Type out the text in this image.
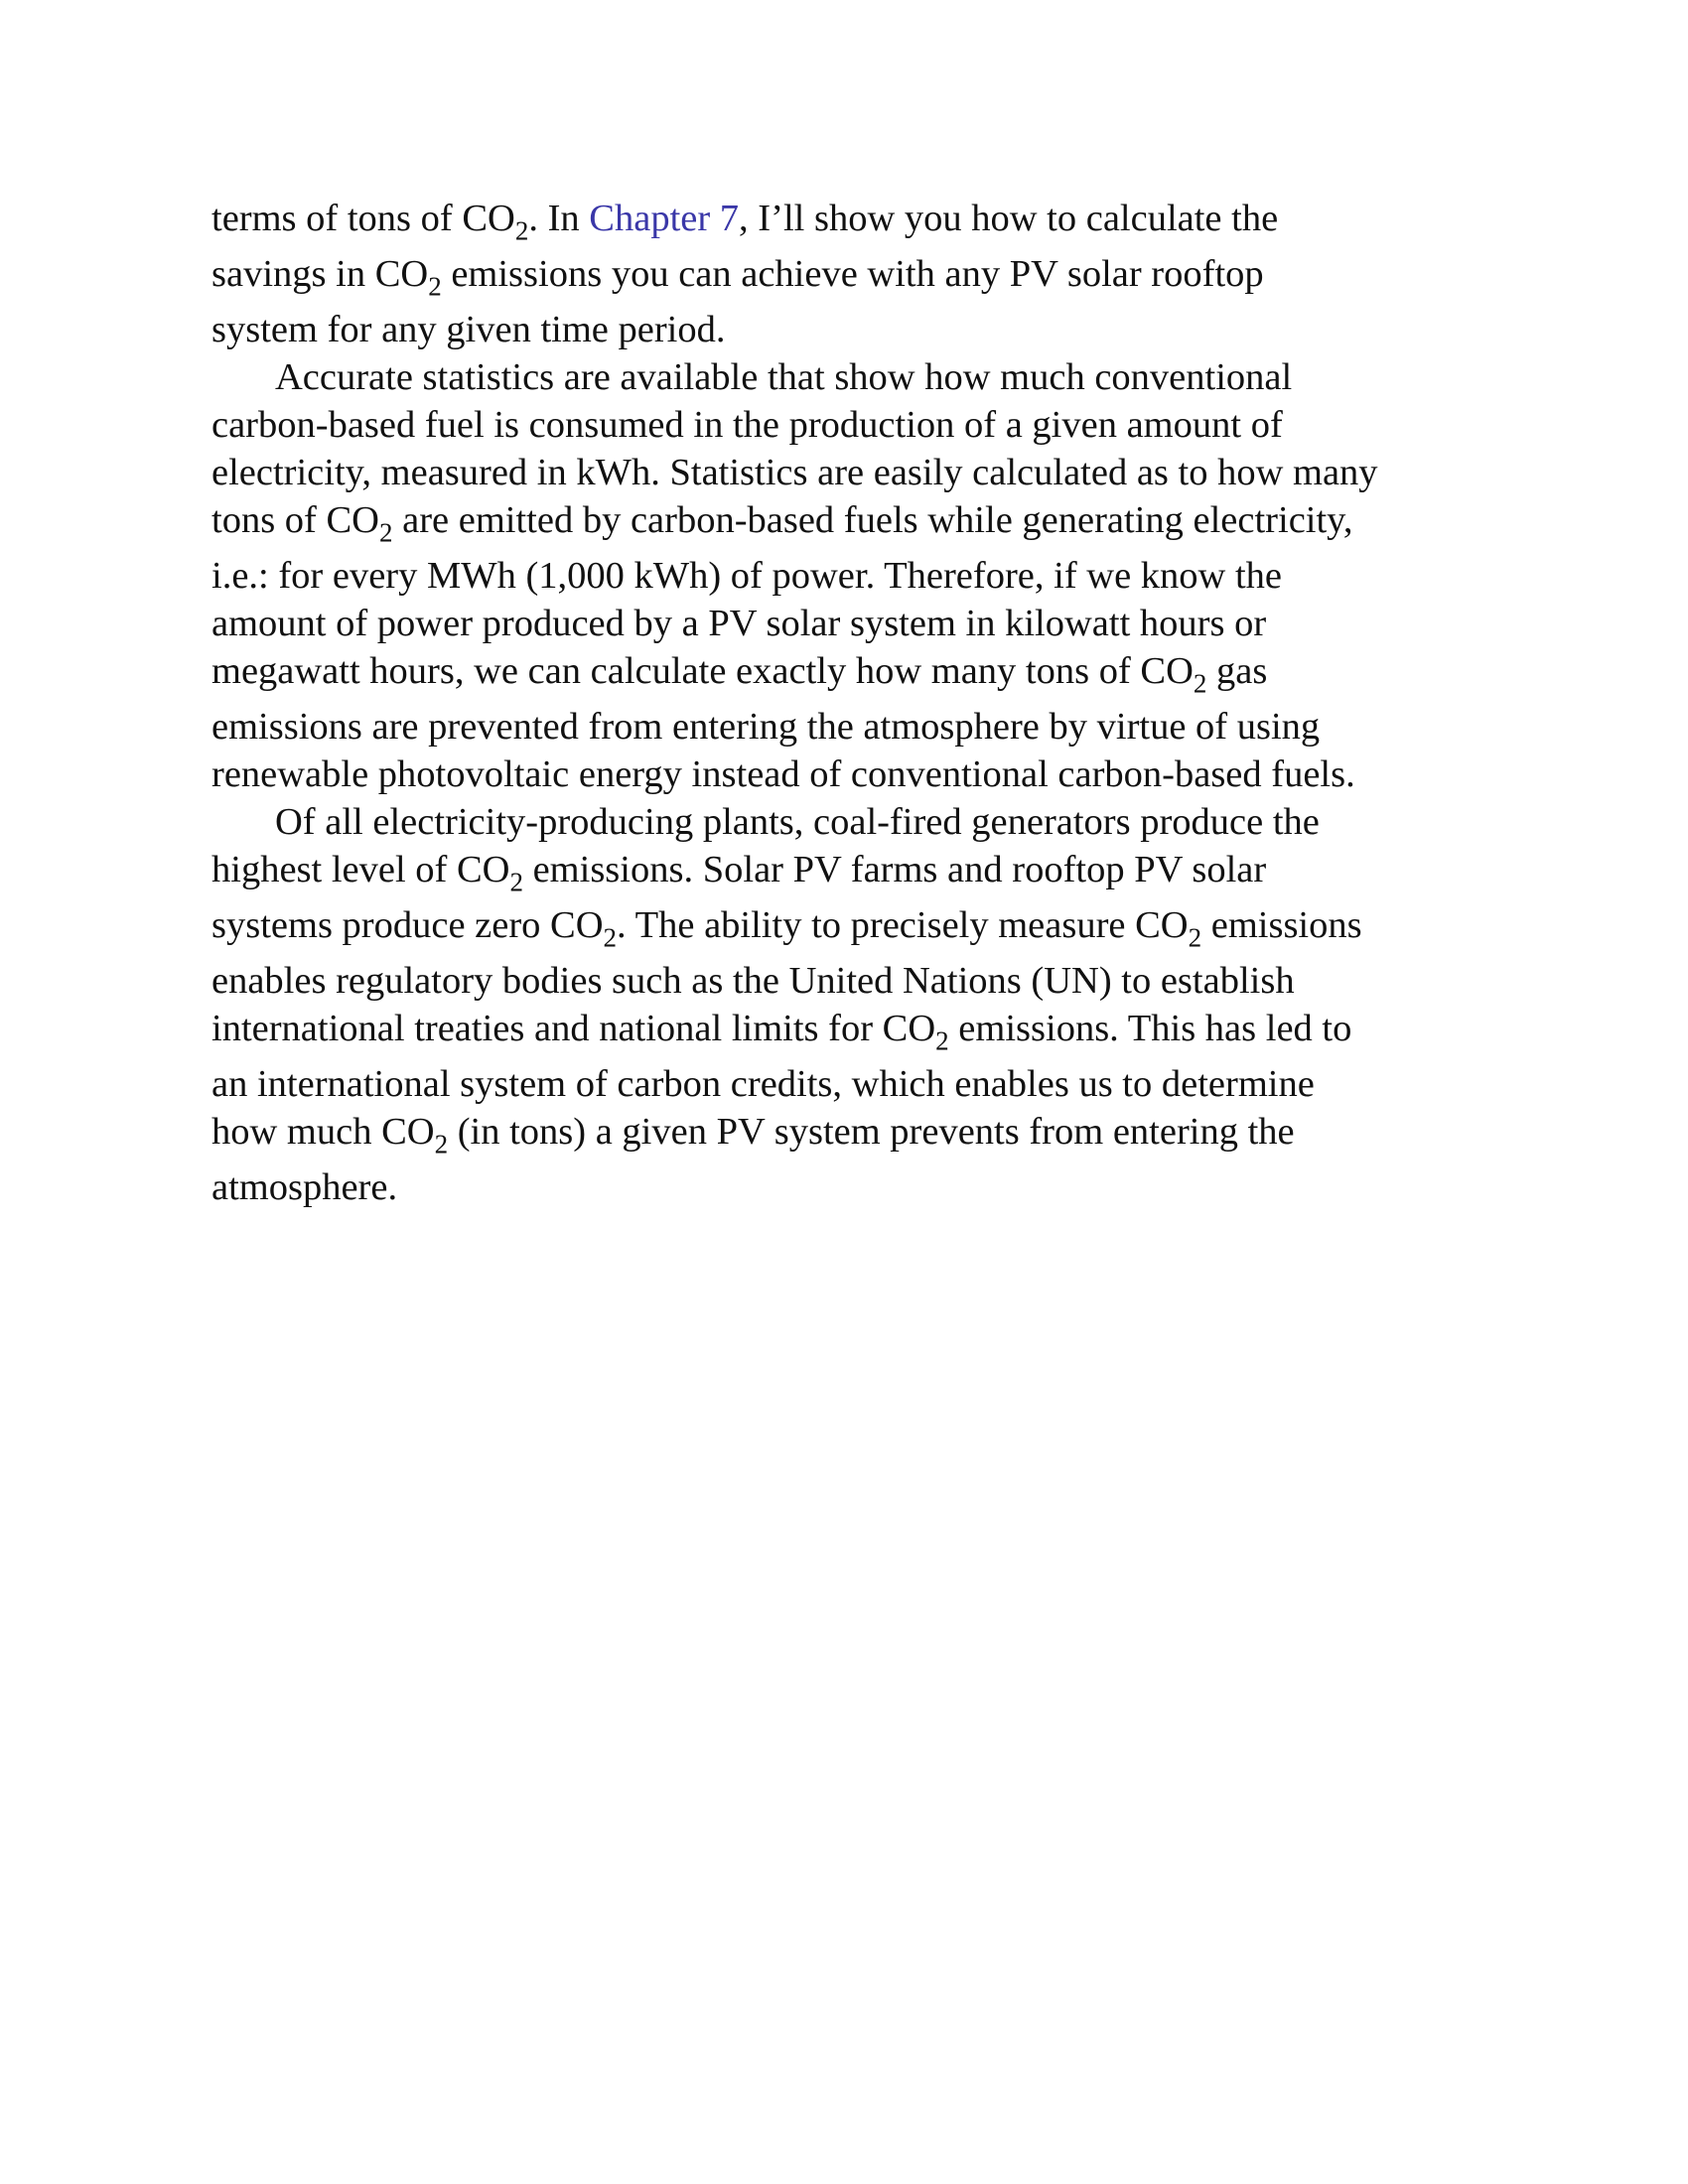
terms of tons of $CO_2$. In Chapter 7, I’ll show you how to calculate the
savings in $CO_2$ emissions you can achieve with any PV solar rooftop
system for any given time period.

Accurate statistics are available that show how much conventional
carbon-based fuel is consumed in the production of a given amount of
electricity, measured in kWh. Statistics are easily calculated as to how many
tons of $CO_2$ are emitted by carbon-based fuels while generating electricity,
i.e.: for every MWh (1,000 kWh) of power. Therefore, if we know the
amount of power produced by a PV solar system in kilowatt hours or
megawatt hours, we can calculate exactly how many tons of $CO_2$ gas
emissions are prevented from entering the atmosphere by virtue of using
renewable photovoltaic energy instead of conventional carbon-based fuels.

Of all electricity-producing plants, coal-fired generators produce the
highest level of $CO_2$ emissions. Solar PV farms and rooftop PV solar
systems produce zero $CO_2$. The ability to precisely measure $CO_2$ emissions
enables regulatory bodies such as the United Nations (UN) to establish
international treaties and national limits for $CO_2$ emissions. This has led to
an international system of carbon credits, which enables us to determine
how much $CO_2$ (in tons) a given PV system prevents from entering the
atmosphere.
